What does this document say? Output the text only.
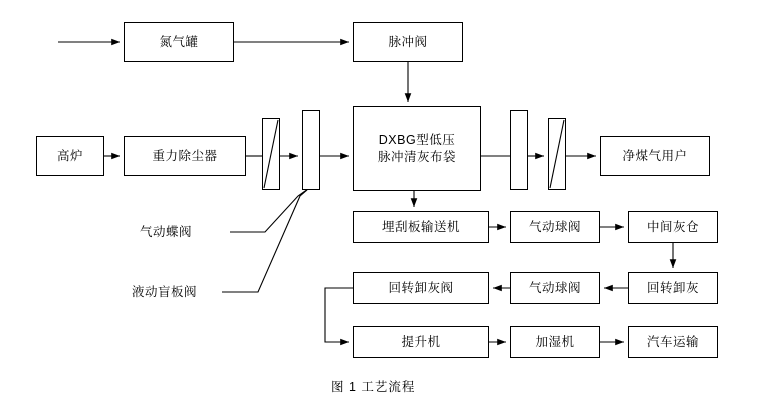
氮气罐	脉冲阀
高炉	重力除尘器
DXBG型低压
脉冲清灰布袋	净煤气用户
埋刮板输送机	气动球阀	中间灰仓
回转卸灰阀	气动球阀	回转卸灰
提升机	加湿机	汽车运输
气动蝶阀
液动盲板阀
图 1 工艺流程
